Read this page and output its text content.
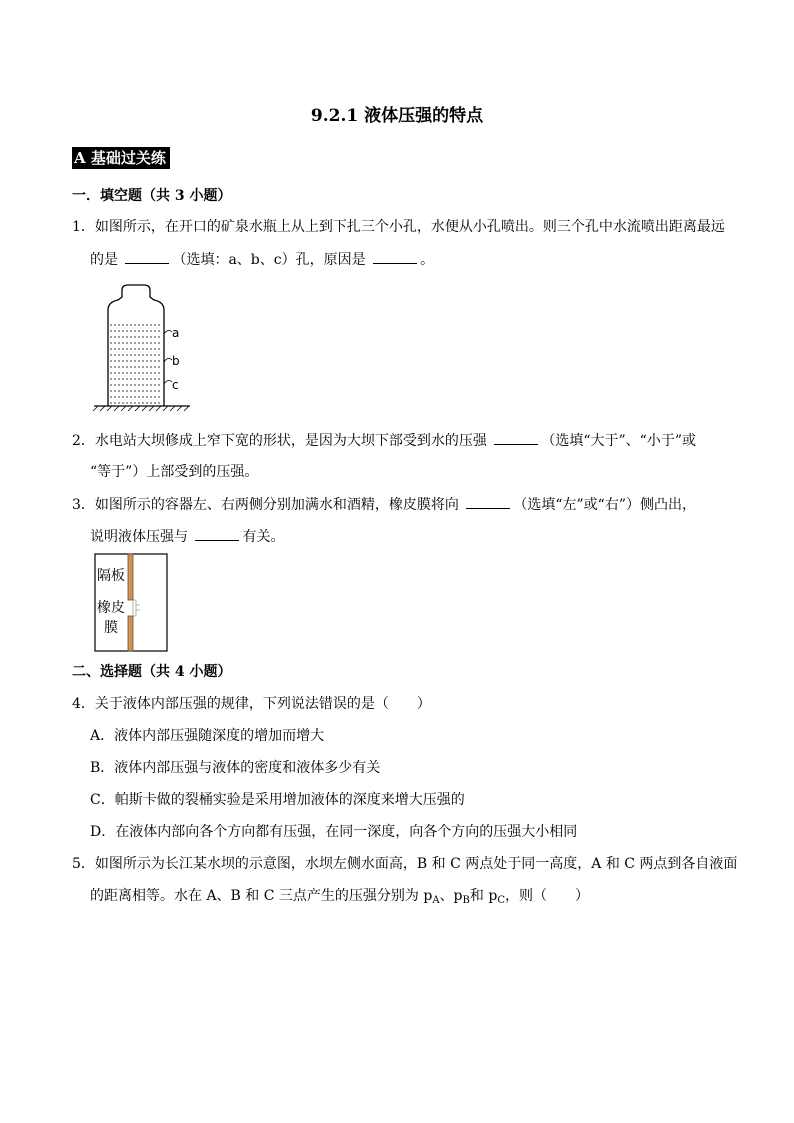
9.2.1 液体压强的特点
A 基础过关练
一．填空题（共 3 小题）
1．如图所示，在开口的矿泉水瓶上从上到下扎三个小孔，水便从小孔喷出。则三个孔中水流喷出距离最远
的是	（选填：a、b、c）孔，原因是	。
a
b
c
2．水电站大坝修成上窄下宽的形状，是因为大坝下部受到水的压强	（选填“大于”、“小于”或
“等于”）上部受到的压强。
3．如图所示的容器左、右两侧分别加满水和酒精，橡皮膜将向	（选填“左”或“右”）侧凸出，
说明液体压强与	有关。
隔板
橡皮
膜
二、选择题（共 4 小题）
4．关于液体内部压强的规律，下列说法错误的是（　　）
A．液体内部压强随深度的增加而增大
B．液体内部压强与液体的密度和液体多少有关
C．帕斯卡做的裂桶实验是采用增加液体的深度来增大压强的
D．在液体内部向各个方向都有压强，在同一深度，向各个方向的压强大小相同
5．如图所示为长江某水坝的示意图，水坝左侧水面高，B 和 C 两点处于同一高度，A 和 C 两点到各自液面
的距离相等。水在 A、B 和 C 三点产生的压强分别为 $p_A$、$p_B$和 $p_C$，则（　　）
